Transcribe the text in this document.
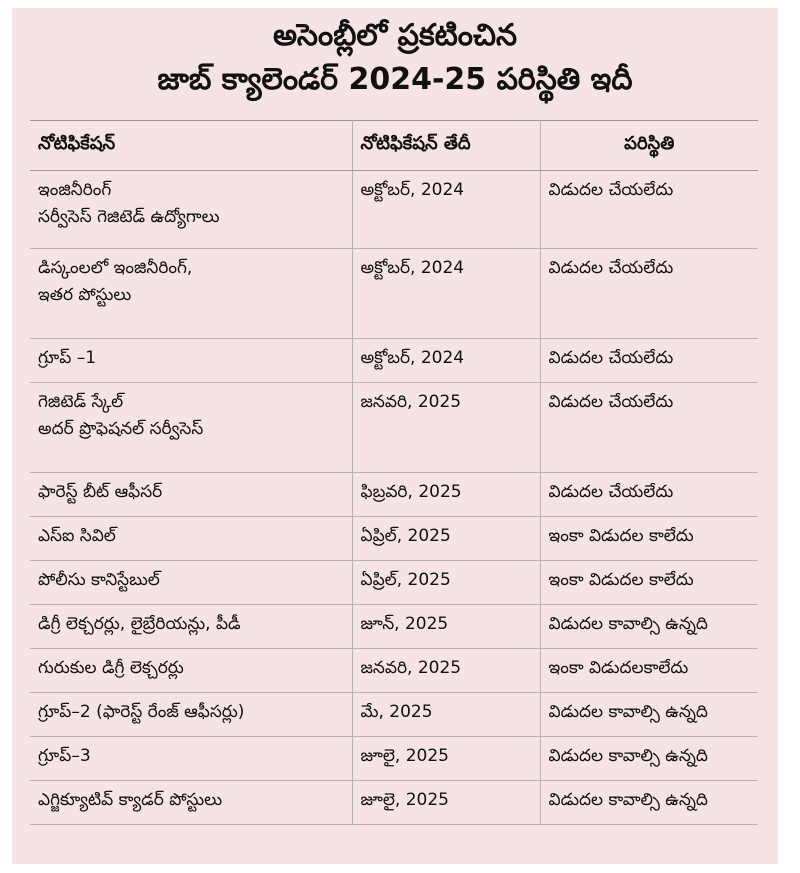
అసెంబ్లీలో ప్రకటించిన
జాబ్ క్యాలెండర్ 2024-25 పరిస్థితి ఇదీ
నోటిఫికేషన్	నోటిఫికేషన్ తేదీ	పరిస్థితి

ఇంజినీరింగ్
సర్వీసెస్ గెజిటెడ్ ఉద్యోగాలు	అక్టోబర్, 2024	విడుదల చేయలేదు

డిస్కంలలో ఇంజినీరింగ్,
ఇతర పోస్టులు	అక్టోబర్, 2024	విడుదల చేయలేదు
గ్రూప్ –1	అక్టోబర్, 2024	విడుదల చేయలేదు

గెజిటెడ్ స్కేల్
అదర్ ప్రొఫెషనల్ సర్వీసెస్	జనవరి, 2025	విడుదల చేయలేదు
ఫారెస్ట్ బీట్ ఆఫీసర్	ఫిబ్రవరి, 2025	విడుదల చేయలేదు
ఎస్ఐ సివిల్	ఏప్రిల్, 2025	ఇంకా విడుదల కాలేదు
పోలీసు కానిస్టేబుల్	ఏప్రిల్, 2025	ఇంకా విడుదల కాలేదు
డిగ్రీ లెక్చరర్లు, లైబ్రేరియన్లు, పీడీ	జూన్, 2025	విడుదల కావాల్సి ఉన్నది
గురుకుల డిగ్రీ లెక్చరర్లు	జనవరి, 2025	ఇంకా విడుదలకాలేదు
గ్రూప్–2 (ఫారెస్ట్ రేంజ్ ఆఫీసర్లు)	మే, 2025	విడుదల కావాల్సి ఉన్నది
గ్రూప్–3	జూలై, 2025	విడుదల కావాల్సి ఉన్నది
ఎగ్జిక్యూటివ్ క్యాడర్ పోస్టులు	జూలై, 2025	విడుదల కావాల్సి ఉన్నది
